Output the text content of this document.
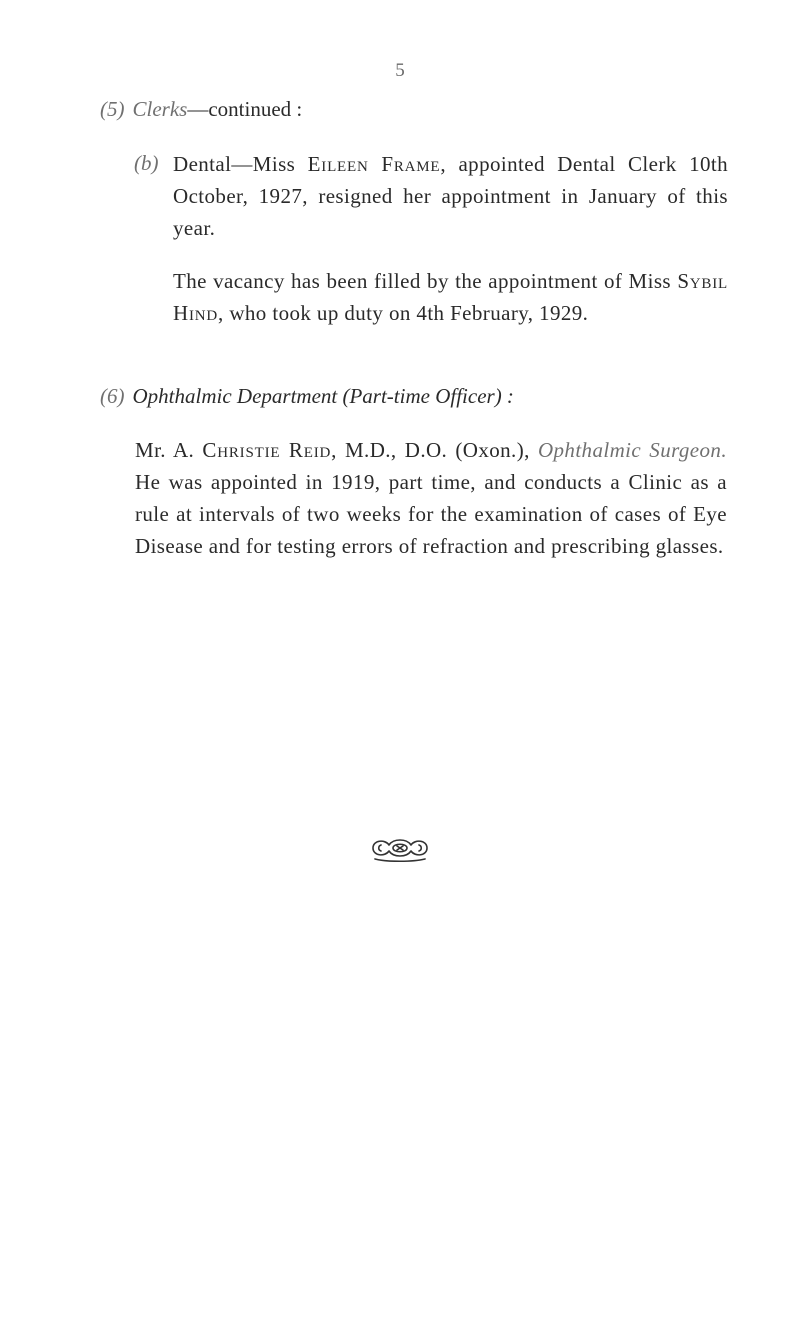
5
(5) Clerks—continued :
(b) Dental—Miss Eileen Frame, appointed Dental Clerk 10th October, 1927, resigned her appointment in January of this year.
The vacancy has been filled by the appointment of Miss Sybil Hind, who took up duty on 4th February, 1929.
(6) Ophthalmic Department (Part-time Officer) :
Mr. A. Christie Reid, M.D., D.O. (Oxon.), Ophthalmic Surgeon. He was appointed in 1919, part time, and conducts a Clinic as a rule at intervals of two weeks for the examination of cases of Eye Disease and for testing errors of refraction and prescribing glasses.
